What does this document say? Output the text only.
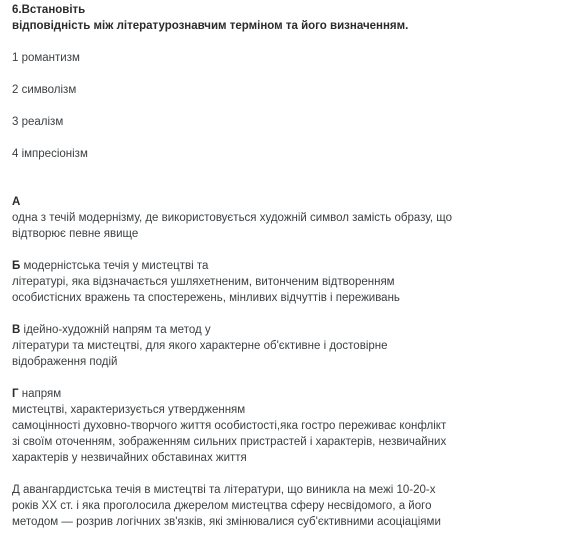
6.Встановіть
відповідність між літературознавчим терміном та його визначенням.
1 романтизм
2 символізм
3 реалізм
4 імпресіонізм
А
одна з течій модернізму, де використовується художній символ замість образу, що
відтворює певне явище
Б модерністська течія у мистецтві та
літературі, яка відзначається ушляхетненим, витонченим відтворенням
особистісних вражень та спостережень, мінливих відчуттів і переживань
В ідейно-художній напрям та метод у
літератури та мистецтві, для якого характерне об'єктивне і достовірне
відображення подій
Г напрям
мистецтві, характеризується утвердженням
самоцінності духовно-творчого життя особистості,яка гостро переживає конфлікт
зі своїм оточенням, зображенням сильних пристрастей і характерів, незвичайних
характерів у незвичайних обставинах життя
Д авангардистська течія в мистецтві та літератури, що виникла на межі 10-20-х
років ХХ ст. і яка проголосила джерелом мистецтва сферу несвідомого, а його
методом — розрив логічних зв'язків, які змінювалися суб'єктивними асоціаціями
